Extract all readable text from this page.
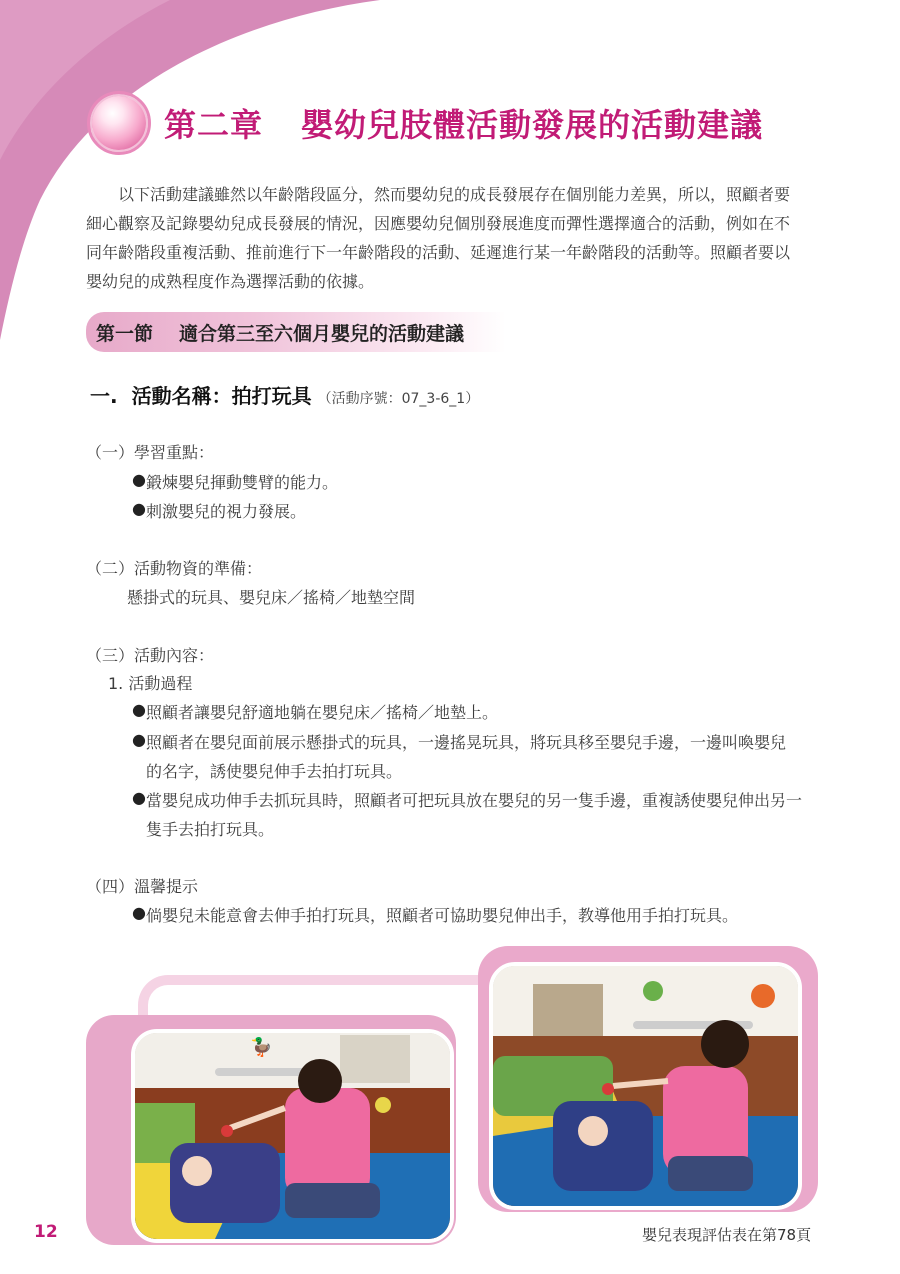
第二章 嬰幼兒肢體活動發展的活動建議
以下活動建議雖然以年齡階段區分，然而嬰幼兒的成長發展存在個別能力差異，所以，照顧者要
細心觀察及記錄嬰幼兒成長發展的情況，因應嬰幼兒個別發展進度而彈性選擇適合的活動，例如在不
同年齡階段重複活動、推前進行下一年齡階段的活動、延遲進行某一年齡階段的活動等。照顧者要以
嬰幼兒的成熟程度作為選擇活動的依據。
第一節 適合第三至六個月嬰兒的活動建議
一. 活動名稱：拍打玩具 （活動序號：07_3-6_1）
（一）學習重點：
● 鍛煉嬰兒揮動雙臂的能力。
● 刺激嬰兒的視力發展。
（二）活動物資的準備：
懸掛式的玩具、嬰兒床／搖椅／地墊空間
（三）活動內容：
1. 活動過程
● 照顧者讓嬰兒舒適地躺在嬰兒床／搖椅／地墊上。
● 照顧者在嬰兒面前展示懸掛式的玩具，一邊搖晃玩具，將玩具移至嬰兒手邊，一邊叫喚嬰兒
的名字，誘使嬰兒伸手去拍打玩具。
● 當嬰兒成功伸手去抓玩具時，照顧者可把玩具放在嬰兒的另一隻手邊，重複誘使嬰兒伸出另一
隻手去拍打玩具。
（四）溫馨提示
● 倘嬰兒未能意會去伸手拍打玩具，照顧者可協助嬰兒伸出手，教導他用手拍打玩具。
🦆
12	嬰兒表現評估表在第78頁
